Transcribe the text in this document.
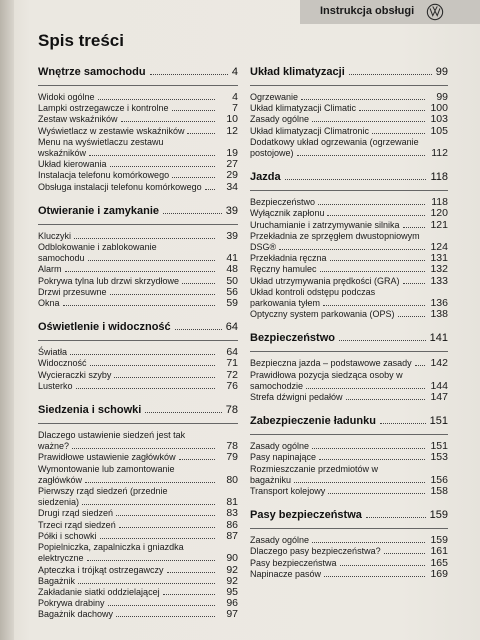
Instrukcja obsługi
Spis treści
Wnętrze samochodu	4
Widoki ogólne	4
Lampki ostrzegawcze i kontrolne	7
Zestaw wskaźników	10
Wyświetlacz w zestawie wskaźników	12
Menu na wyświetlaczu zestawu
wskaźników	19
Układ kierowania	27
Instalacja telefonu komórkowego	29
Obsługa instalacji telefonu komórkowego	34
Otwieranie i zamykanie	39
Kluczyki	39
Odblokowanie i zablokowanie
samochodu	41
Alarm	48
Pokrywa tylna lub drzwi skrzydłowe	50
Drzwi przesuwne	56
Okna	59
Oświetlenie i widoczność	64
Światła	64
Widoczność	71
Wycieraczki szyby	72
Lusterko	76
Siedzenia i schowki	78
Dlaczego ustawienie siedzeń jest tak
ważne?	78
Prawidłowe ustawienie zagłówków	79
Wymontowanie lub zamontowanie
zagłówków	80
Pierwszy rząd siedzeń (przednie
siedzenia)	81
Drugi rząd siedzeń	83
Trzeci rząd siedzeń	86
Półki i schowki	87
Popielniczka, zapalniczka i gniazdka
elektryczne	90
Apteczka i trójkąt ostrzegawczy	92
Bagażnik	92
Zakładanie siatki oddzielającej	95
Pokrywa drabiny	96
Bagażnik dachowy	97
Układ klimatyzacji	99
Ogrzewanie	99
Układ klimatyzacji Climatic	100
Zasady ogólne	103
Układ klimatyzacji Climatronic	105
Dodatkowy układ ogrzewania (ogrzewanie
postojowe)	112
Jazda	118
Bezpieczeństwo	118
Wyłącznik zapłonu	120
Uruchamianie i zatrzymywanie silnika	121
Przekładnia ze sprzęgłem dwustopniowym
DSG®	124
Przekładnia ręczna	131
Ręczny hamulec	132
Układ utrzymywania prędkości (GRA)	133
Układ kontroli odstępu podczas
parkowania tyłem	136
Optyczny system parkowania (OPS)	138
Bezpieczeństwo	141
Bezpieczna jazda – podstawowe zasady 142
Prawidłowa pozycja siedząca osoby w
samochodzie	144
Strefa dźwigni pedałów	147
Zabezpieczenie ładunku	151
Zasady ogólne	151
Pasy napinające	153
Rozmieszczanie przedmiotów w
bagażniku	156
Transport kolejowy	158
Pasy bezpieczeństwa	159
Zasady ogólne	159
Dlaczego pasy bezpieczeństwa?	161
Pasy bezpieczeństwa	165
Napinacze pasów	169
